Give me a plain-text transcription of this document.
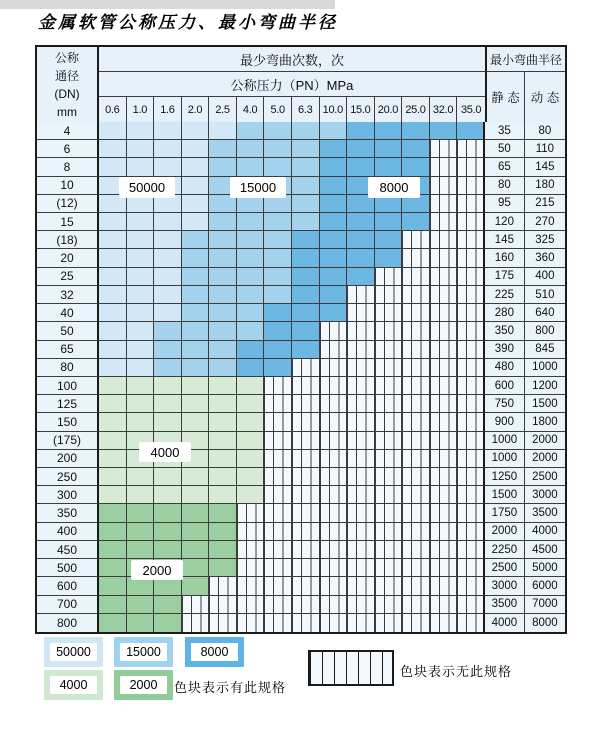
金属软管公称压力、最小弯曲半径
公称
通径
(DN)
mm
最少弯曲次数，次	最小弯曲半径
公称压力（PN）MPa
静 态 动 态
0.6	1.0	1.6	2.0	2.5	4.0	5.0	6.3 10.0 15.0 20.0 25.0 32.0 35.0
4	35	80
6	50	110
8	65	145
10	80	180
(12)	95	215
15	120	270
(18)	145	325
20	160	360
25	175	400
32	225	510
40	280	640
50	350	800
65	390	845
80	480	1000
100	600	1200
125	750	1500
150	900	1800
(175)	1000	2000
200	1000	2000
250	1250	2500
300	1500	3000
350	1750	3500
400	2000	4000
450	2250	4500
500	2500	5000
600	3000	6000
700	3500	7000
800	4000	8000
50000	15000	8000
4000
2000
色块表示有此规格
色块表示无此规格
50000	15000	8000
4000	2000
